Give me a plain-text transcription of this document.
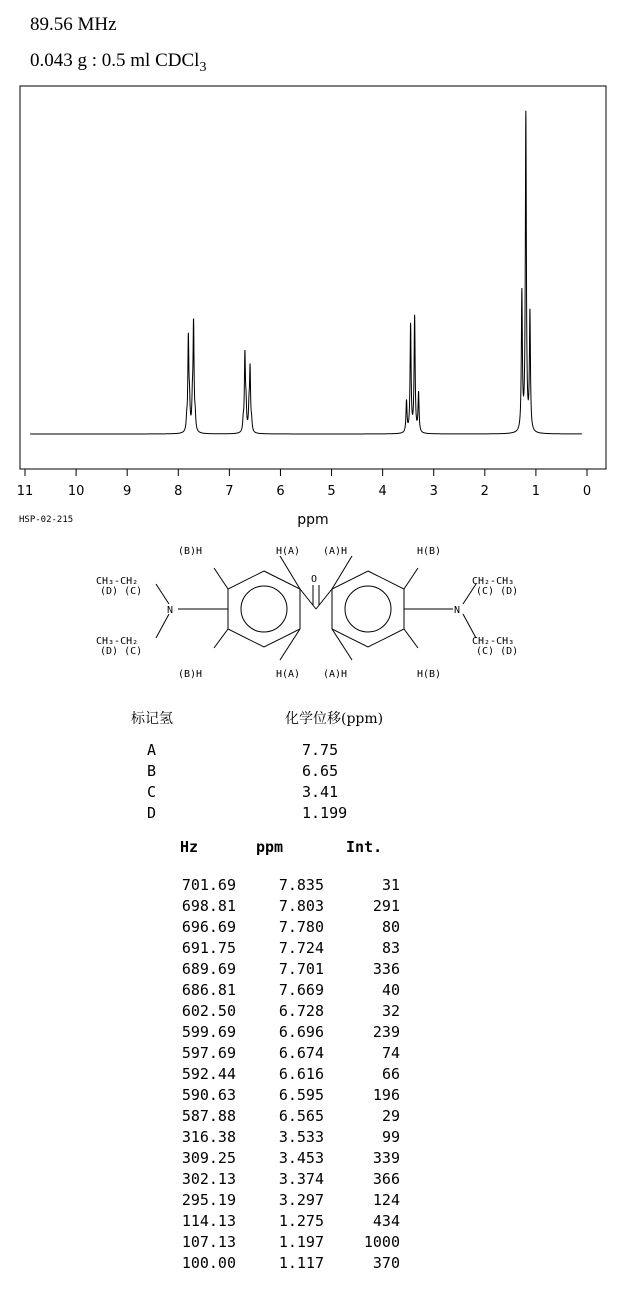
89.56 MHz
0.043 g : 0.5 ml CDCl$_3$
11	10	9	8	7	6	5	4	3	2	1	0
ppm
HSP-02-215
(B)H	H(A) (A)H	H(B)
(B)H	H(A) (A)H	H(B)
O
N	N
CH₃-CH₂
(D) (C)
CH₃-CH₂
(D) (C)
CH₂-CH₃
(C) (D)
CH₂-CH₃
(C) (D)
标记氢	化学位移(ppm)
A	7.75
B	6.65
C	3.41
D	1.199
Hz	ppm	Int.
701.69	7.835	31
698.81	7.803	291
696.69	7.780	80
691.75	7.724	83
689.69	7.701	336
686.81	7.669	40
602.50	6.728	32
599.69	6.696	239
597.69	6.674	74
592.44	6.616	66
590.63	6.595	196
587.88	6.565	29
316.38	3.533	99
309.25	3.453	339
302.13	3.374	366
295.19	3.297	124
114.13	1.275	434
107.13	1.197	1000
100.00	1.117	370
